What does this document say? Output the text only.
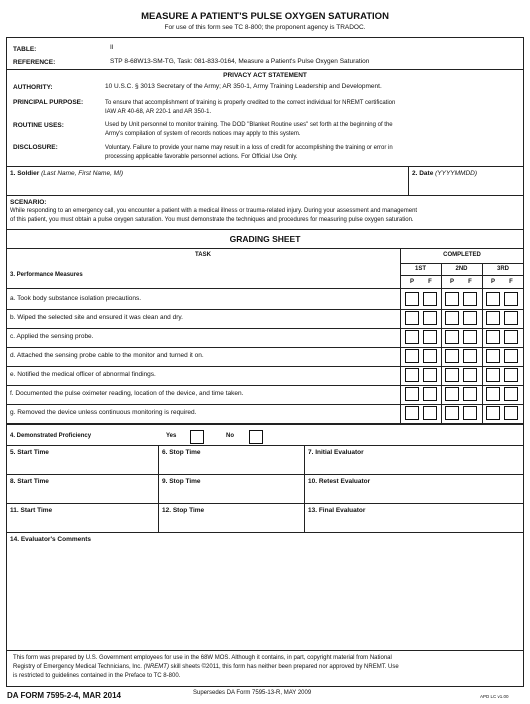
MEASURE A PATIENT'S PULSE OXYGEN SATURATION
For use of this form see TC 8-800; the proponent agency is TRADOC.
TABLE:	II
REFERENCE:	STP 8-68W13-SM-TG, Task: 081-833-0164, Measure a Patient's Pulse Oxygen Saturation
PRIVACY ACT STATEMENT
AUTHORITY:	10 U.S.C. § 3013 Secretary of the Army; AR 350-1, Army Training Leadership and Development.
PRINCIPAL PURPOSE:	To ensure that accomplishment of training is properly credited to the correct individual for NREMT certification
IAW AR 40-68, AR 220-1 and AR 350-1.
ROUTINE USES:	Used by Unit personnel to monitor training. The DOD "Blanket Routine uses" set forth at the beginning of the
Army's compilation of system of records notices may apply to this system.
DISCLOSURE:	Voluntary. Failure to provide your name may result in a loss of credit for accomplishing the training or error in
processing applicable favorable personnel actions. For Official Use Only.
1. Soldier (Last Name, First Name, MI)	2. Date (YYYYMMDD)
SCENARIO:
While responding to an emergency call, you encounter a patient with a medical illness or trauma-related injury. During your assessment and management
of this patient, you must obtain a pulse oxygen saturation. You must demonstrate the techniques and procedures for measuring pulse oxygen saturation.
GRADING SHEET
TASK	COMPLETED
3. Performance Measures
1ST	2ND	3RD
P	F	P	F	P	F
a. Took body substance isolation precautions.
b. Wiped the selected site and ensured it was clean and dry.
c. Applied the sensing probe.
d. Attached the sensing probe cable to the monitor and turned it on.
e. Notified the medical officer of abnormal findings.
f. Documented the pulse oximeter reading, location of the device, and time taken.
g. Removed the device unless continuous monitoring is required.
4. Demonstrated Proficiency	Yes	No
5. Start Time	6. Stop Time	7. Initial Evaluator
8. Start Time	9. Stop Time	10. Retest Evaluator
11. Start Time	12. Stop Time	13. Final Evaluator
14. Evaluator's Comments
This form was prepared by U.S. Government employees for use in the 68W MOS. Although it contains, in part, copyright material from National
Registry of Emergency Medical Technicians, Inc. (NREMT) skill sheets ©2011, this form has neither been prepared nor approved by NREMT. Use
is restricted to guidelines contained in the Preface to TC 8-800.
DA FORM 7595-2-4, MAR 2014	Supersedes DA Form 7595-13-R, MAY 2009
APD LC v1.00
